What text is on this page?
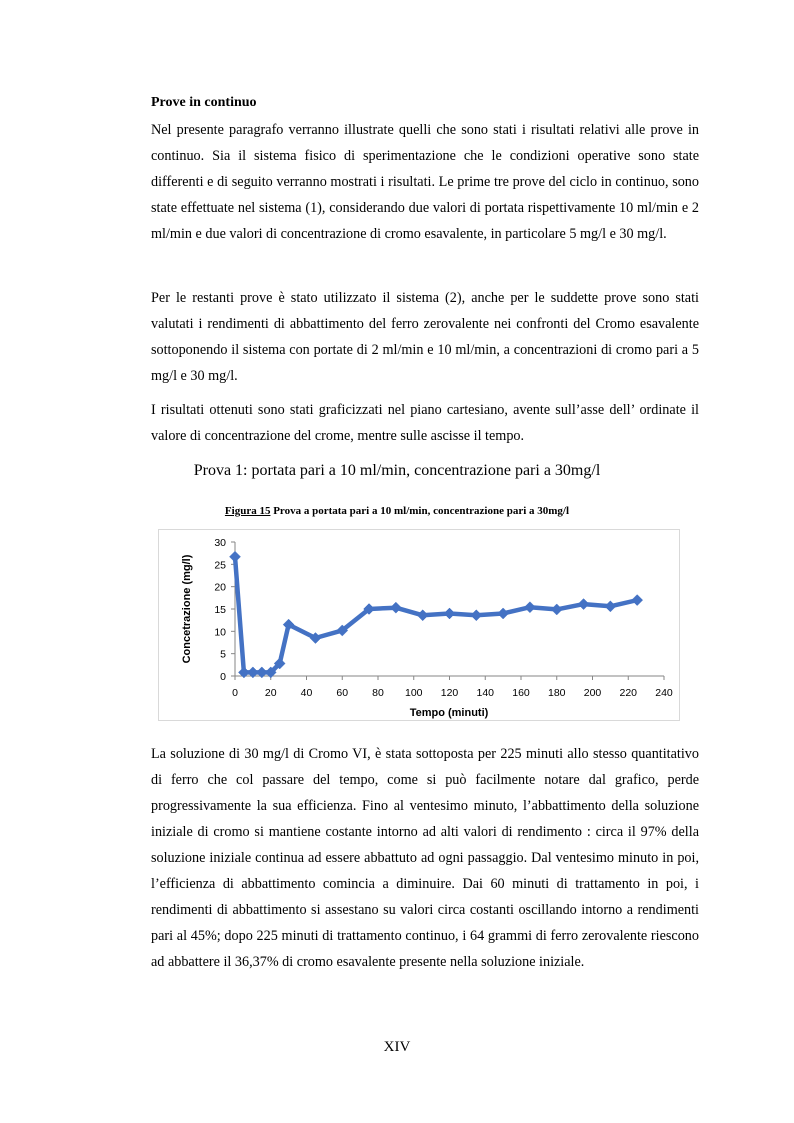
Prove in continuo

Nel presente paragrafo verranno illustrate quelli che sono stati i risultati relativi alle prove in continuo. Sia il sistema fisico di sperimentazione che le condizioni operative sono state differenti e di seguito verranno mostrati i risultati. Le prime tre prove del ciclo in continuo, sono state effettuate nel sistema (1), considerando due valori di portata rispettivamente 10 ml/min e 2 ml/min e due valori di concentrazione di cromo esavalente, in particolare 5 mg/l e 30 mg/l.

Per le restanti prove è stato utilizzato il sistema (2), anche per le suddette prove sono stati valutati i rendimenti di abbattimento del ferro zerovalente nei confronti del Cromo esavalente sottoponendo il sistema con portate di 2 ml/min e 10 ml/min, a concentrazioni di cromo pari a 5 mg/l e 30 mg/l.

I risultati ottenuti sono stati graficizzati nel piano cartesiano, avente sull’asse dell’ ordinate il valore di concentrazione del crome, mentre sulle ascisse il tempo.

Prova 1: portata pari a 10 ml/min, concentrazione pari a 30mg/l
Figura 15 Prova a portata pari a 10 ml/min, concentrazione pari a 30mg/l
0
5
10
15
20
25
30
0	20 40 60 80 100 120 140 160 180 200 220 240
Tempo (minuti)
Concetrazione (mg/l)

La soluzione di 30 mg/l di Cromo VI, è stata sottoposta per 225 minuti allo stesso quantitativo di ferro che col passare del tempo, come si può facilmente notare dal grafico, perde progressivamente la sua efficienza. Fino al ventesimo minuto, l’abbattimento della soluzione iniziale di cromo si mantiene costante intorno ad alti valori di rendimento : circa il 97% della soluzione iniziale continua ad essere abbattuto ad ogni passaggio. Dal ventesimo minuto in poi, l’efficienza di abbattimento comincia a diminuire. Dai 60 minuti di trattamento in poi, i rendimenti di abbattimento si assestano su valori circa costanti oscillando intorno a rendimenti pari al 45%; dopo 225 minuti di trattamento continuo, i 64 grammi di ferro zerovalente riescono ad abbattere il 36,37% di cromo esavalente presente nella soluzione iniziale.

XIV
